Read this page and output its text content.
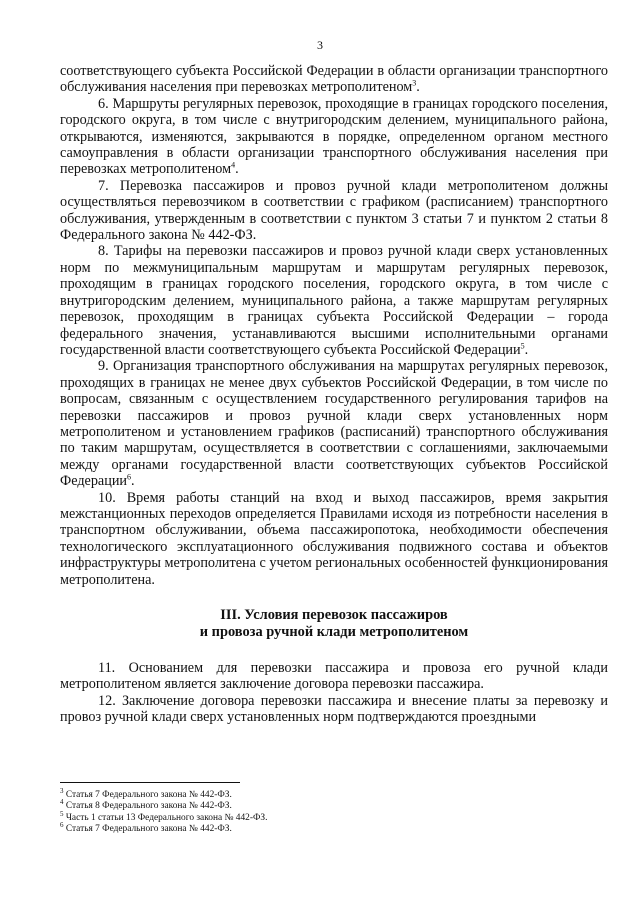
3

соответствующего субъекта Российской Федерации в области организации транспортного обслуживания населения при перевозках метрополитеном$^3$.

6. Маршруты регулярных перевозок, проходящие в границах городского поселения, городского округа, в том числе с внутригородским делением, муниципального района, открываются, изменяются, закрываются в порядке, определенном органом местного самоуправления в области организации транспортного обслуживания населения при перевозках метрополитеном$^4$.

7. Перевозка пассажиров и провоз ручной клади метрополитеном должны осуществляться перевозчиком в соответствии с графиком (расписанием) транспортного обслуживания, утвержденным в соответствии с пунктом 3 статьи 7 и пунктом 2 статьи 8 Федерального закона № 442-ФЗ.

8. Тарифы на перевозки пассажиров и провоз ручной клади сверх установленных норм по межмуниципальным маршрутам и маршрутам регулярных перевозок, проходящим в границах городского поселения, городского округа, в том числе с внутригородским делением, муниципального района, а также маршрутам регулярных перевозок, проходящим в границах субъекта Российской Федерации – города федерального значения, устанавливаются высшими исполнительными органами государственной власти соответствующего субъекта Российской Федерации$^5$.

9. Организация транспортного обслуживания на маршрутах регулярных перевозок, проходящих в границах не менее двух субъектов Российской Федерации, в том числе по вопросам, связанным с осуществлением государственного регулирования тарифов на перевозки пассажиров и провоз ручной клади сверх установленных норм метрополитеном и установлением графиков (расписаний) транспортного обслуживания по таким маршрутам, осуществляется в соответствии с соглашениями, заключаемыми между органами государственной власти соответствующих субъектов Российской Федерации$^6$.

10. Время работы станций на вход и выход пассажиров, время закрытия межстанционных переходов определяется Правилами исходя из потребности населения в транспортном обслуживании, объема пассажиропотока, необходимости обеспечения технологического эксплуатационного обслуживания подвижного состава и объектов инфраструктуры метрополитена с учетом региональных особенностей функционирования метрополитена.

III. Условия перевозок пассажиров
и провоза ручной клади метрополитеном

11. Основанием для перевозки пассажира и провоза его ручной клади метрополитеном является заключение договора перевозки пассажира.

12. Заключение договора перевозки пассажира и внесение платы за перевозку и провоз ручной клади сверх установленных норм подтверждаются проездными

$^3$ Статья 7 Федерального закона № 442-ФЗ.
$^4$ Статья 8 Федерального закона № 442-ФЗ.
$^5$ Часть 1 статьи 13 Федерального закона № 442-ФЗ.
$^6$ Статья 7 Федерального закона № 442-ФЗ.
